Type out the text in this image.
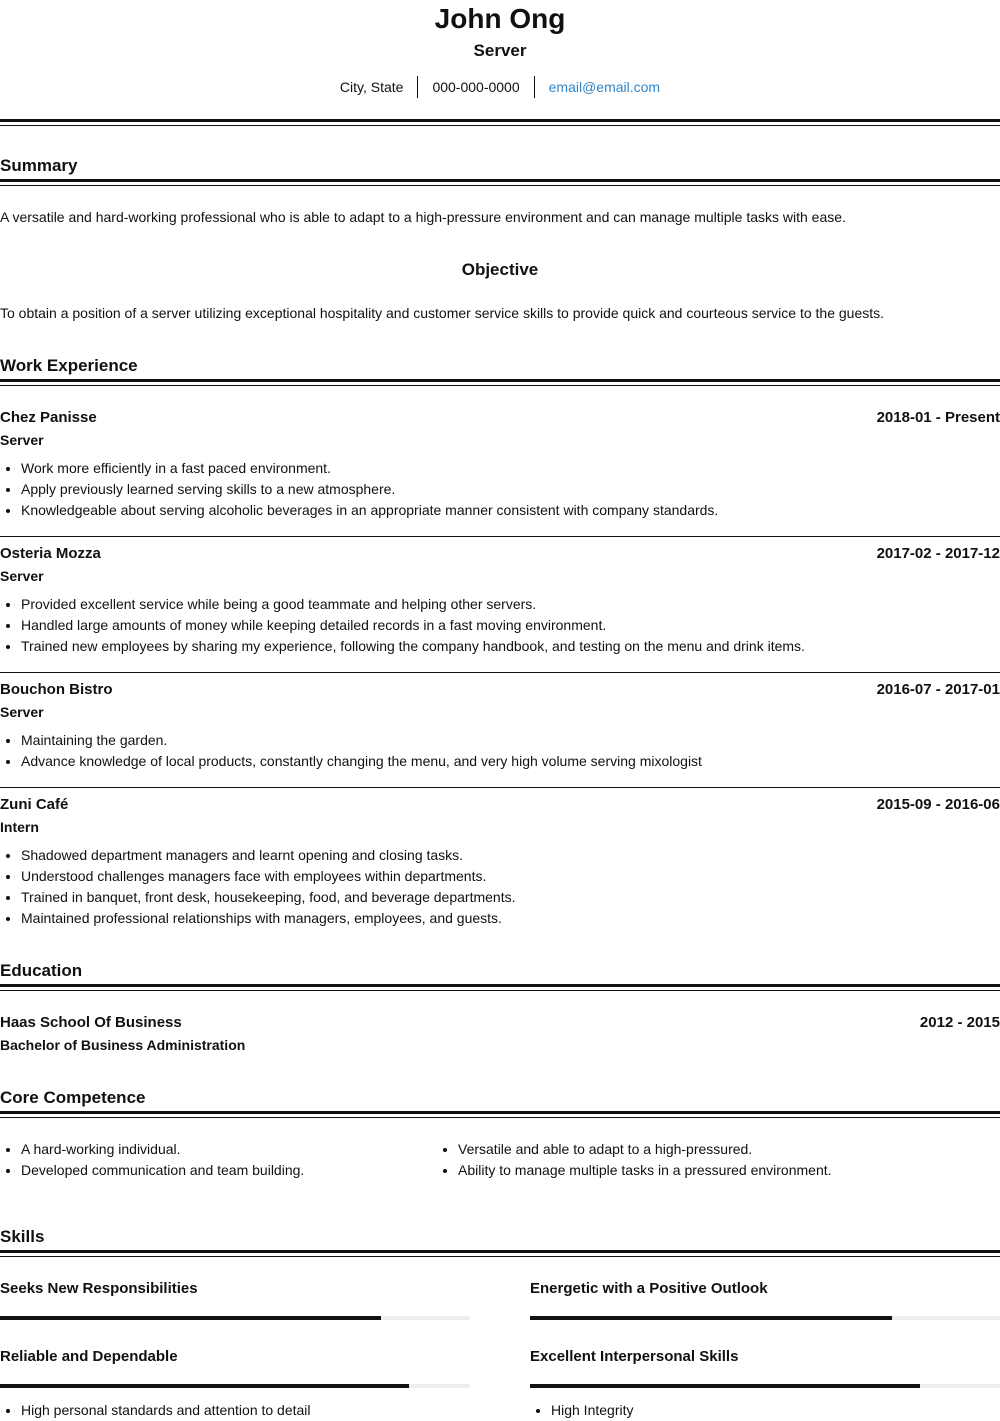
John Ong
Server
City, State	000-000-0000	email@email.com
Summary
A versatile and hard-working professional who is able to adapt to a high-pressure environment and can manage multiple tasks with ease.
Objective
To obtain a position of a server utilizing exceptional hospitality and customer service skills to provide quick and courteous service to the guests.
Work Experience
Chez Panisse	2018-01 - Present
Server
• Work more efficiently in a fast paced environment.
• Apply previously learned serving skills to a new atmosphere.
• Knowledgeable about serving alcoholic beverages in an appropriate manner consistent with company standards.
Osteria Mozza	2017-02 - 2017-12
Server
• Provided excellent service while being a good teammate and helping other servers.
• Handled large amounts of money while keeping detailed records in a fast moving environment.
• Trained new employees by sharing my experience, following the company handbook, and testing on the menu and drink items.
Bouchon Bistro	2016-07 - 2017-01
Server
• Maintaining the garden.
• Advance knowledge of local products, constantly changing the menu, and very high volume serving mixologist
Zuni Café	2015-09 - 2016-06
Intern
• Shadowed department managers and learnt opening and closing tasks.
• Understood challenges managers face with employees within departments.
• Trained in banquet, front desk, housekeeping, food, and beverage departments.
• Maintained professional relationships with managers, employees, and guests.
Education
Haas School Of Business	2012 - 2015
Bachelor of Business Administration
Core Competence
• A hard-working individual.
• Developed communication and team building.
• Versatile and able to adapt to a high-pressured.
• Ability to manage multiple tasks in a pressured environment.
Skills
Seeks New Responsibilities	Energetic with a Positive Outlook
Reliable and Dependable	Excellent Interpersonal Skills
• High personal standards and attention to detail
•	High Integrity
